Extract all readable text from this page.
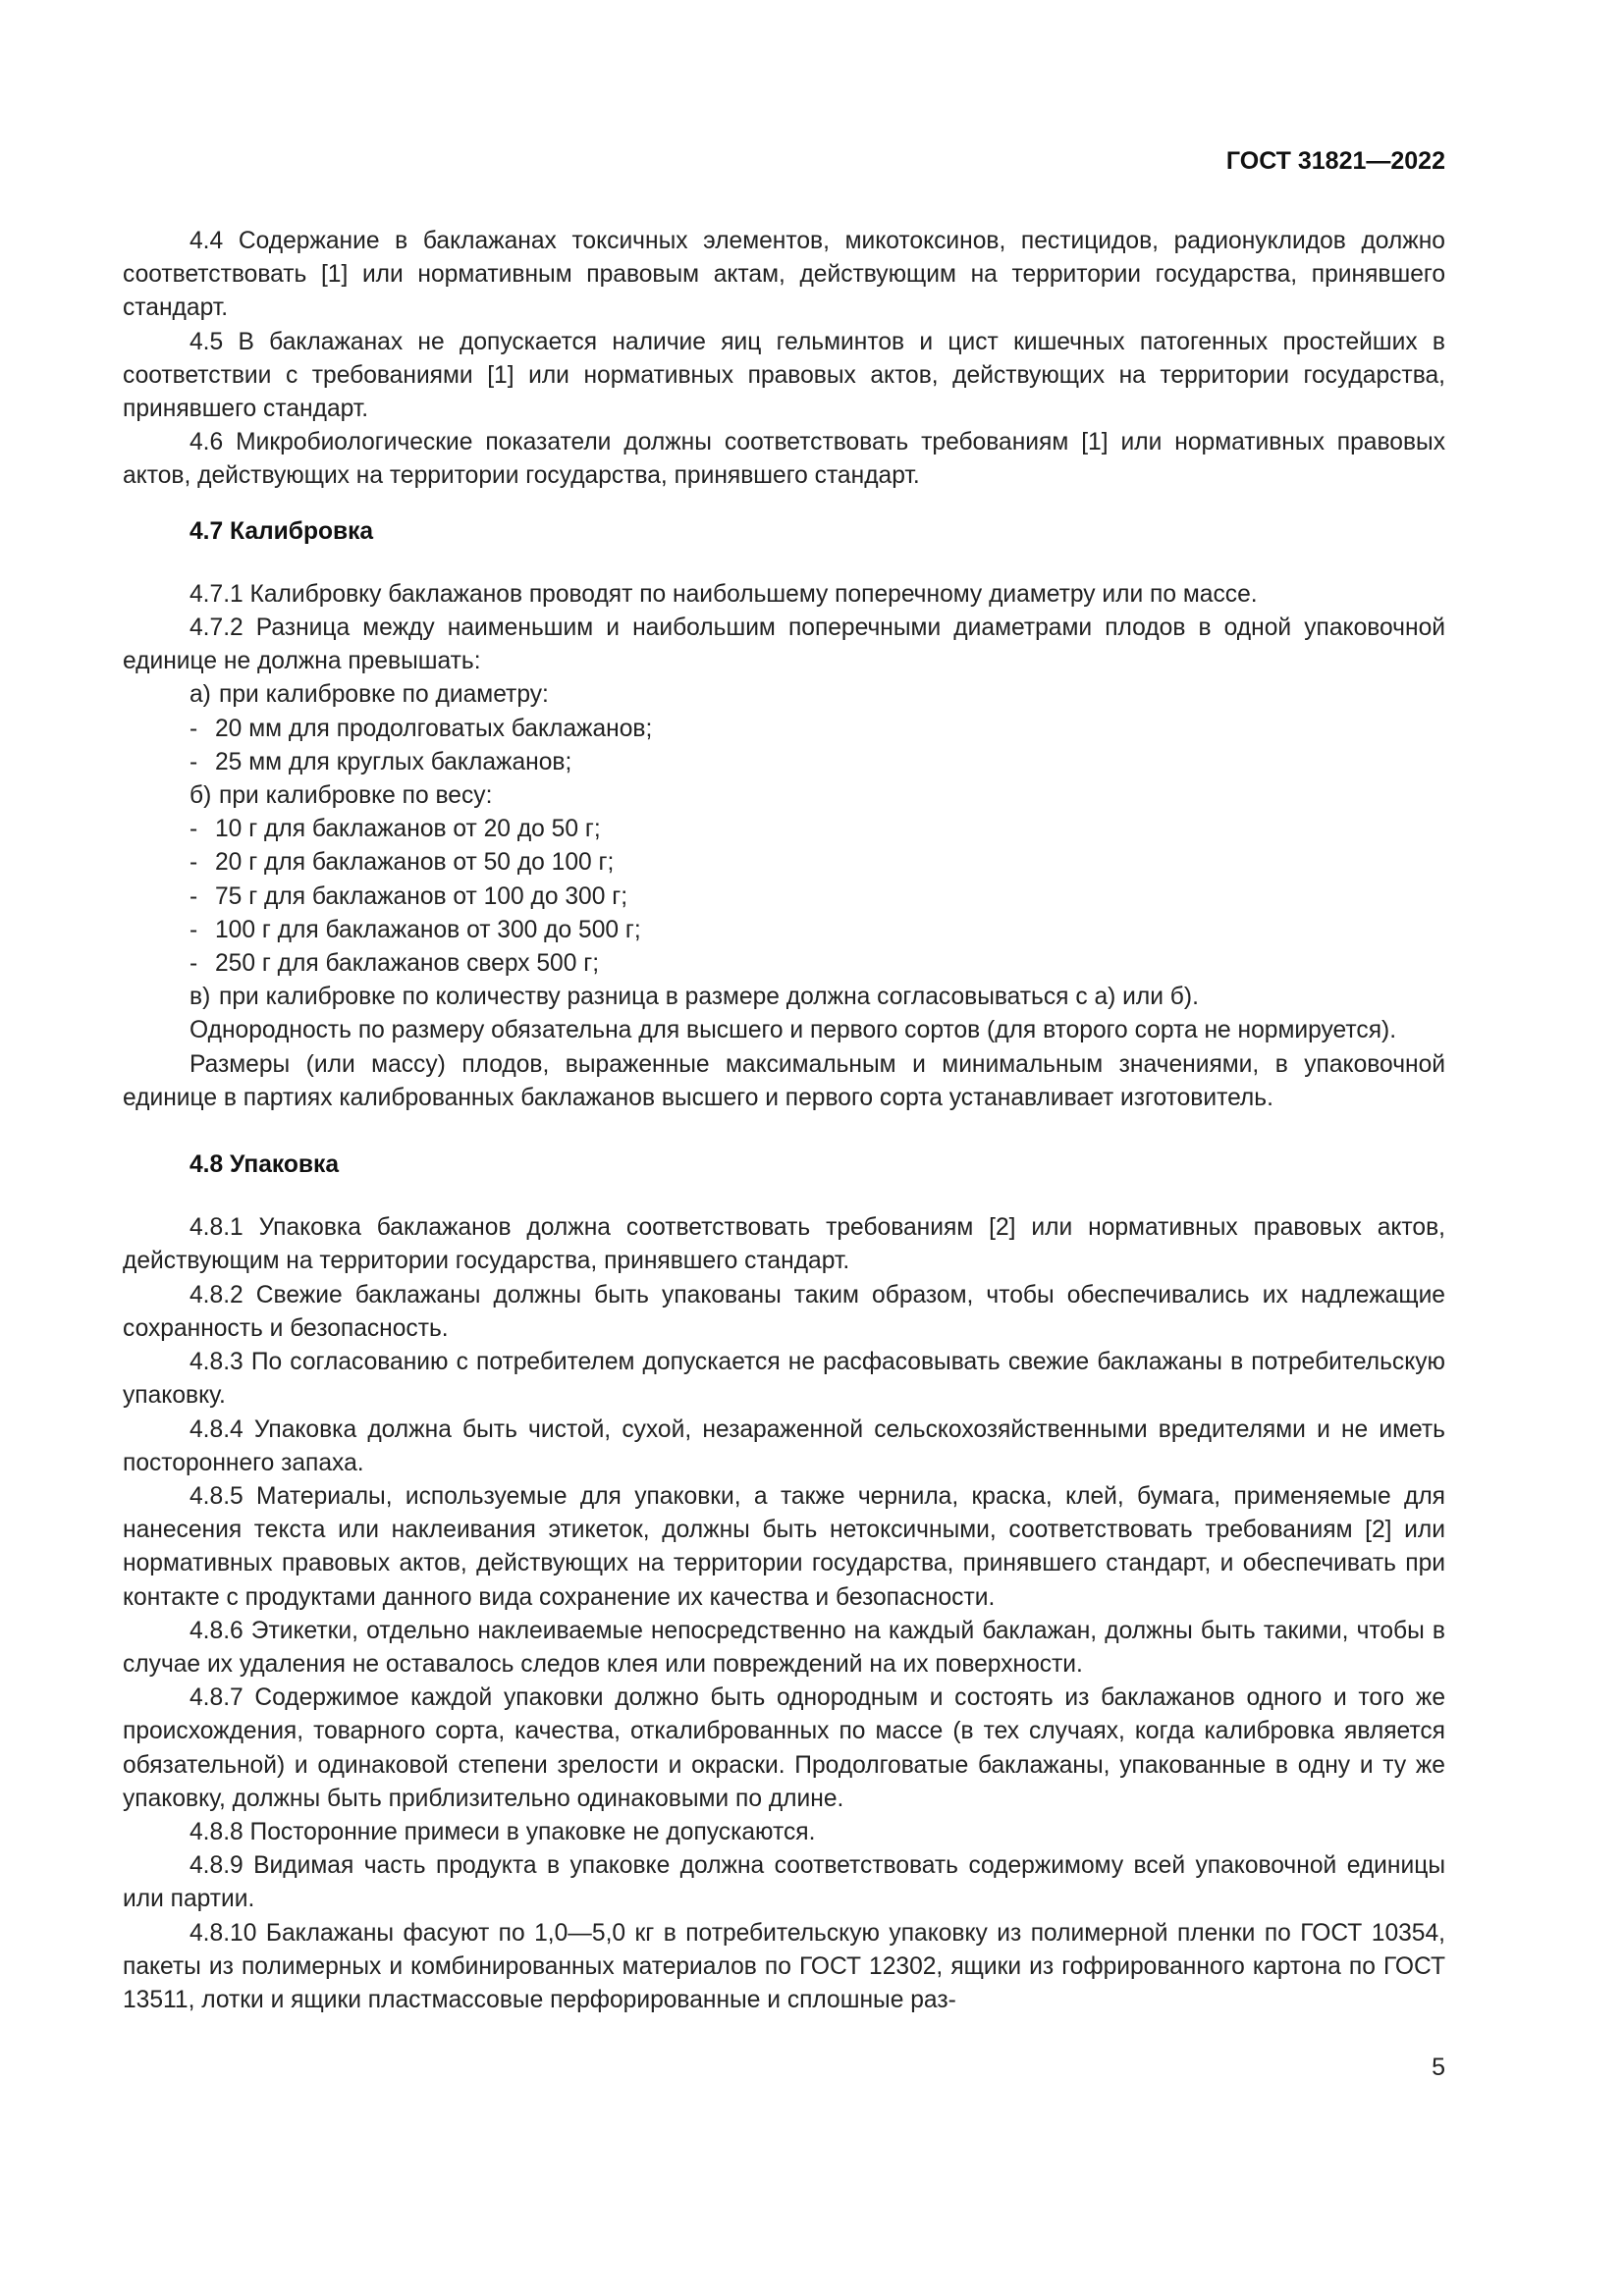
ГОСТ 31821—2022

4.4 Содержание в баклажанах токсичных элементов, микотоксинов, пестицидов, радионуклидов должно соответствовать [1] или нормативным правовым актам, действующим на территории государства, принявшего стандарт.

4.5 В баклажанах не допускается наличие яиц гельминтов и цист кишечных патогенных простейших в соответствии с требованиями [1] или нормативных правовых актов, действующих на территории государства, принявшего стандарт.

4.6 Микробиологические показатели должны соответствовать требованиям [1] или нормативных правовых актов, действующих на территории государства, принявшего стандарт.

4.7 Калибровка

4.7.1 Калибровку баклажанов проводят по наибольшему поперечному диаметру или по массе.

4.7.2 Разница между наименьшим и наибольшим поперечными диаметрами плодов в одной упаковочной единице не должна превышать:

а) при калибровке по диаметру:
- 20 мм для продолговатых баклажанов;
- 25 мм для круглых баклажанов;
б) при калибровке по весу:
- 10 г для баклажанов от 20 до 50 г;
- 20 г для баклажанов от 50 до 100 г;
- 75 г для баклажанов от 100 до 300 г;
- 100 г для баклажанов от 300 до 500 г;
- 250 г для баклажанов сверх 500 г;
в) при калибровке по количеству разница в размере должна согласовываться с а) или б).

Однородность по размеру обязательна для высшего и первого сортов (для второго сорта не нормируется).

Размеры (или массу) плодов, выраженные максимальным и минимальным значениями, в упаковочной единице в партиях калиброванных баклажанов высшего и первого сорта устанавливает изготовитель.

4.8 Упаковка

4.8.1 Упаковка баклажанов должна соответствовать требованиям [2] или нормативных правовых актов, действующим на территории государства, принявшего стандарт.

4.8.2 Свежие баклажаны должны быть упакованы таким образом, чтобы обеспечивались их надлежащие сохранность и безопасность.

4.8.3 По согласованию с потребителем допускается не расфасовывать свежие баклажаны в потребительскую упаковку.

4.8.4 Упаковка должна быть чистой, сухой, незараженной сельскохозяйственными вредителями и не иметь постороннего запаха.

4.8.5 Материалы, используемые для упаковки, а также чернила, краска, клей, бумага, применяемые для нанесения текста или наклеивания этикеток, должны быть нетоксичными, соответствовать требованиям [2] или нормативных правовых актов, действующих на территории государства, принявшего стандарт, и обеспечивать при контакте с продуктами данного вида сохранение их качества и безопасности.

4.8.6 Этикетки, отдельно наклеиваемые непосредственно на каждый баклажан, должны быть такими, чтобы в случае их удаления не оставалось следов клея или повреждений на их поверхности.

4.8.7 Содержимое каждой упаковки должно быть однородным и состоять из баклажанов одного и того же происхождения, товарного сорта, качества, откалиброванных по массе (в тех случаях, когда калибровка является обязательной) и одинаковой степени зрелости и окраски. Продолговатые баклажаны, упакованные в одну и ту же упаковку, должны быть приблизительно одинаковыми по длине.

4.8.8 Посторонние примеси в упаковке не допускаются.

4.8.9 Видимая часть продукта в упаковке должна соответствовать содержимому всей упаковочной единицы или партии.

4.8.10 Баклажаны фасуют по 1,0—5,0 кг в потребительскую упаковку из полимерной пленки по ГОСТ 10354, пакеты из полимерных и комбинированных материалов по ГОСТ 12302, ящики из гофрированного картона по ГОСТ 13511, лотки и ящики пластмассовые перфорированные и сплошные раз-

5
